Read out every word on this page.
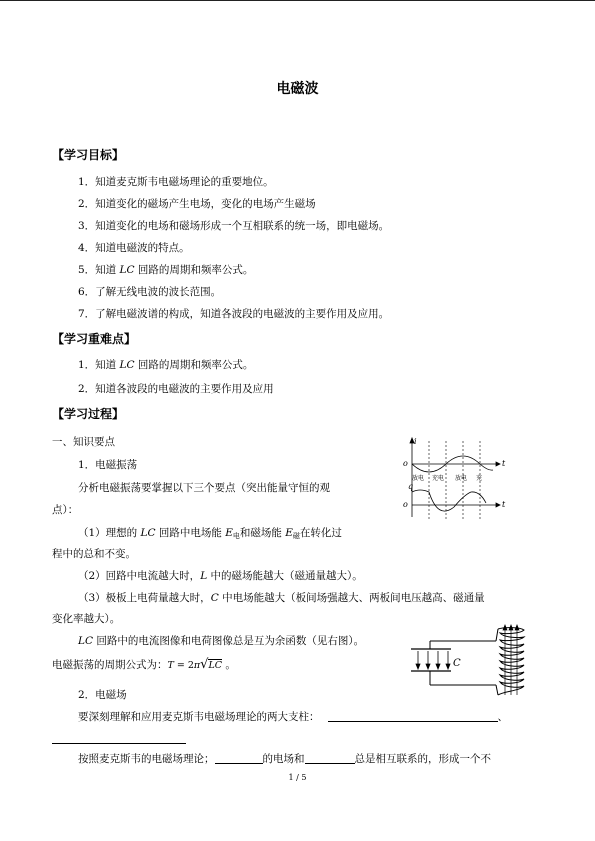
电磁波
【学习目标】
1．知道麦克斯韦电磁场理论的重要地位。
2．知道变化的磁场产生电场，变化的电场产生磁场
3．知道变化的电场和磁场形成一个互相联系的统一场，即电磁场。
4．知道电磁波的特点。
5．知道 LC 回路的周期和频率公式。
6．了解无线电波的波长范围。
7．了解电磁波谱的构成，知道各波段的电磁波的主要作用及应用。
【学习重难点】
1．知道 LC 回路的周期和频率公式。
2．知道各波段的电磁波的主要作用及应用
【学习过程】
一、知识要点
1．电磁振荡
分析电磁振荡要掌握以下三个要点（突出能量守恒的观
点）：
（1）理想的 LC 回路中电场能 $E_电$和磁场能 $E_磁$在转化过
程中的总和不变。
（2）回路中电流越大时，L 中的磁场能越大（磁通量越大）。
（3）极板上电荷量越大时，C 中电场能越大（板间场强越大、两板间电压越高、磁通量
变化率越大）。
LC 回路中的电流图像和电荷图像总是互为余函数（见右图）。
电磁振荡的周期公式为：T = 2π√LC 。
2．电磁场
要深刻理解和应用麦克斯韦电磁场理论的两大支柱：	、
按照麦克斯韦的电磁场理论；	的电场和	总是相互联系的，形成一个不
1 / 5
i
o	t
q
o	t
放电 充电 放电 充
C
